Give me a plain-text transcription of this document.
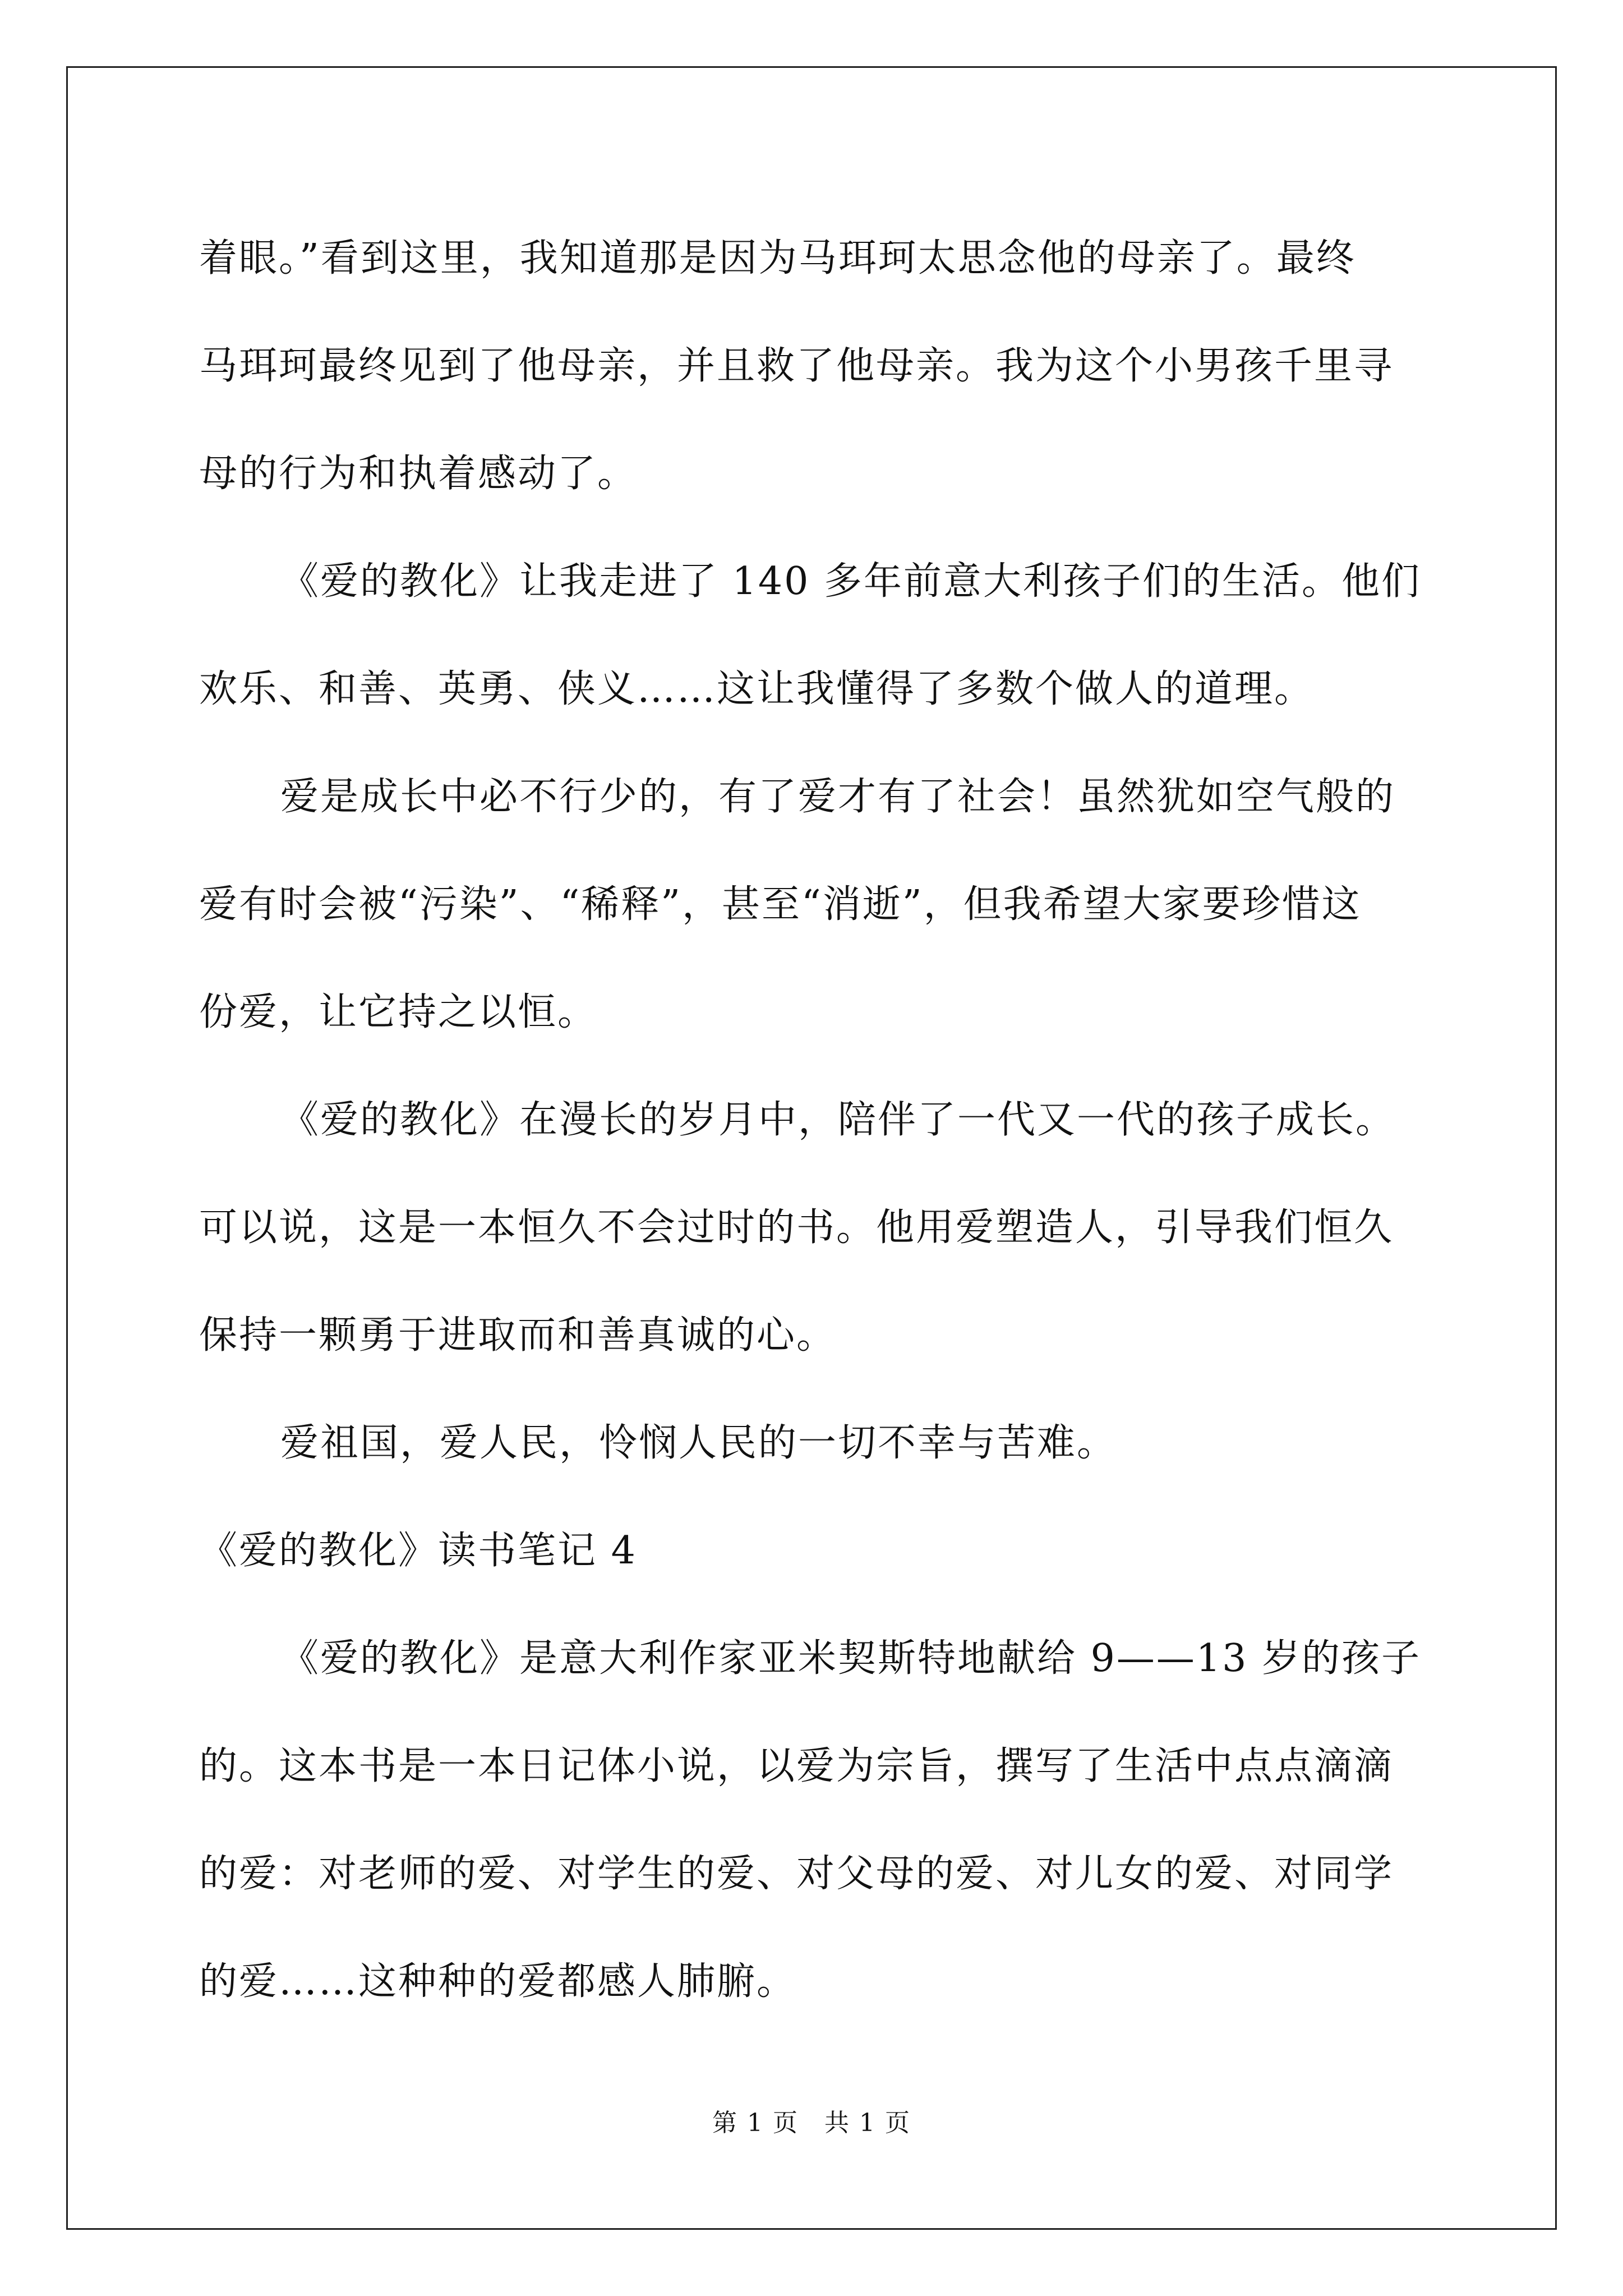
着眼。”看到这里，我知道那是因为马珥珂太思念他的母亲了。最终
马珥珂最终见到了他母亲，并且救了他母亲。我为这个小男孩千里寻
母的行为和执着感动了。

《爱的教化》让我走进了 140 多年前意大利孩子们的生活。他们
欢乐、和善、英勇、侠义……这让我懂得了多数个做人的道理。

爱是成长中必不行少的，有了爱才有了社会！虽然犹如空气般的
爱有时会被“污染”、“稀释”，甚至“消逝”，但我希望大家要珍惜这
份爱，让它持之以恒。

《爱的教化》在漫长的岁月中，陪伴了一代又一代的孩子成长。
可以说，这是一本恒久不会过时的书。他用爱塑造人，引导我们恒久
保持一颗勇于进取而和善真诚的心。

爱祖国，爱人民，怜悯人民的一切不幸与苦难。

《爱的教化》读书笔记 4

《爱的教化》是意大利作家亚米契斯特地献给 9——13 岁的孩子
的。这本书是一本日记体小说，以爱为宗旨，撰写了生活中点点滴滴
的爱：对老师的爱、对学生的爱、对父母的爱、对儿女的爱、对同学
的爱……这种种的爱都感人肺腑。

第 1 页　共 1 页
